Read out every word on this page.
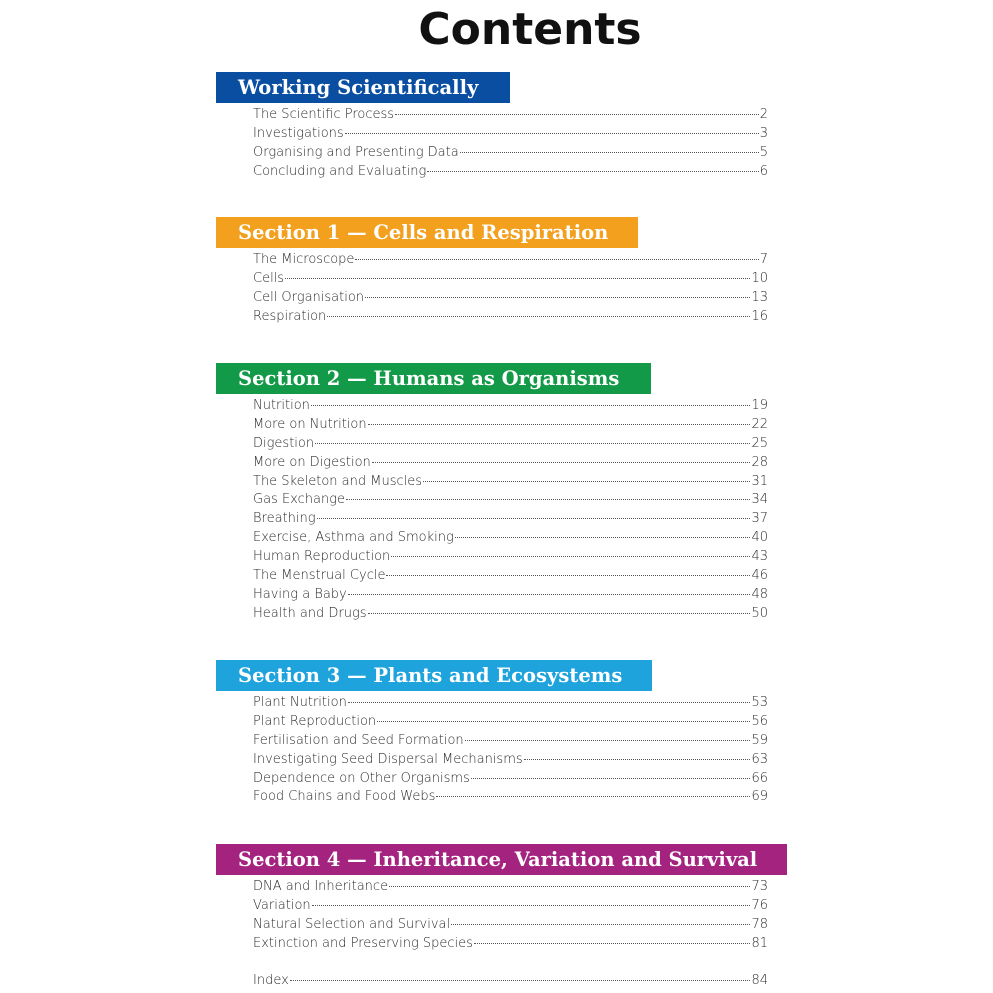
Contents
Working Scientifically
The Scientific Process	2
Investigations	3
Organising and Presenting Data	5
Concluding and Evaluating	6
Section 1 — Cells and Respiration
The Microscope	7
Cells	10
Cell Organisation	13
Respiration	16
Section 2 — Humans as Organisms
Nutrition	19
More on Nutrition	22
Digestion	25
More on Digestion	28
The Skeleton and Muscles	31
Gas Exchange	34
Breathing	37
Exercise, Asthma and Smoking	40
Human Reproduction	43
The Menstrual Cycle	46
Having a Baby	48
Health and Drugs	50
Section 3 — Plants and Ecosystems
Plant Nutrition	53
Plant Reproduction	56
Fertilisation and Seed Formation	59
Investigating Seed Dispersal Mechanisms	63
Dependence on Other Organisms	66
Food Chains and Food Webs	69
Section 4 — Inheritance, Variation and Survival
DNA and Inheritance	73
Variation	76
Natural Selection and Survival	78
Extinction and Preserving Species	81
Index	84
